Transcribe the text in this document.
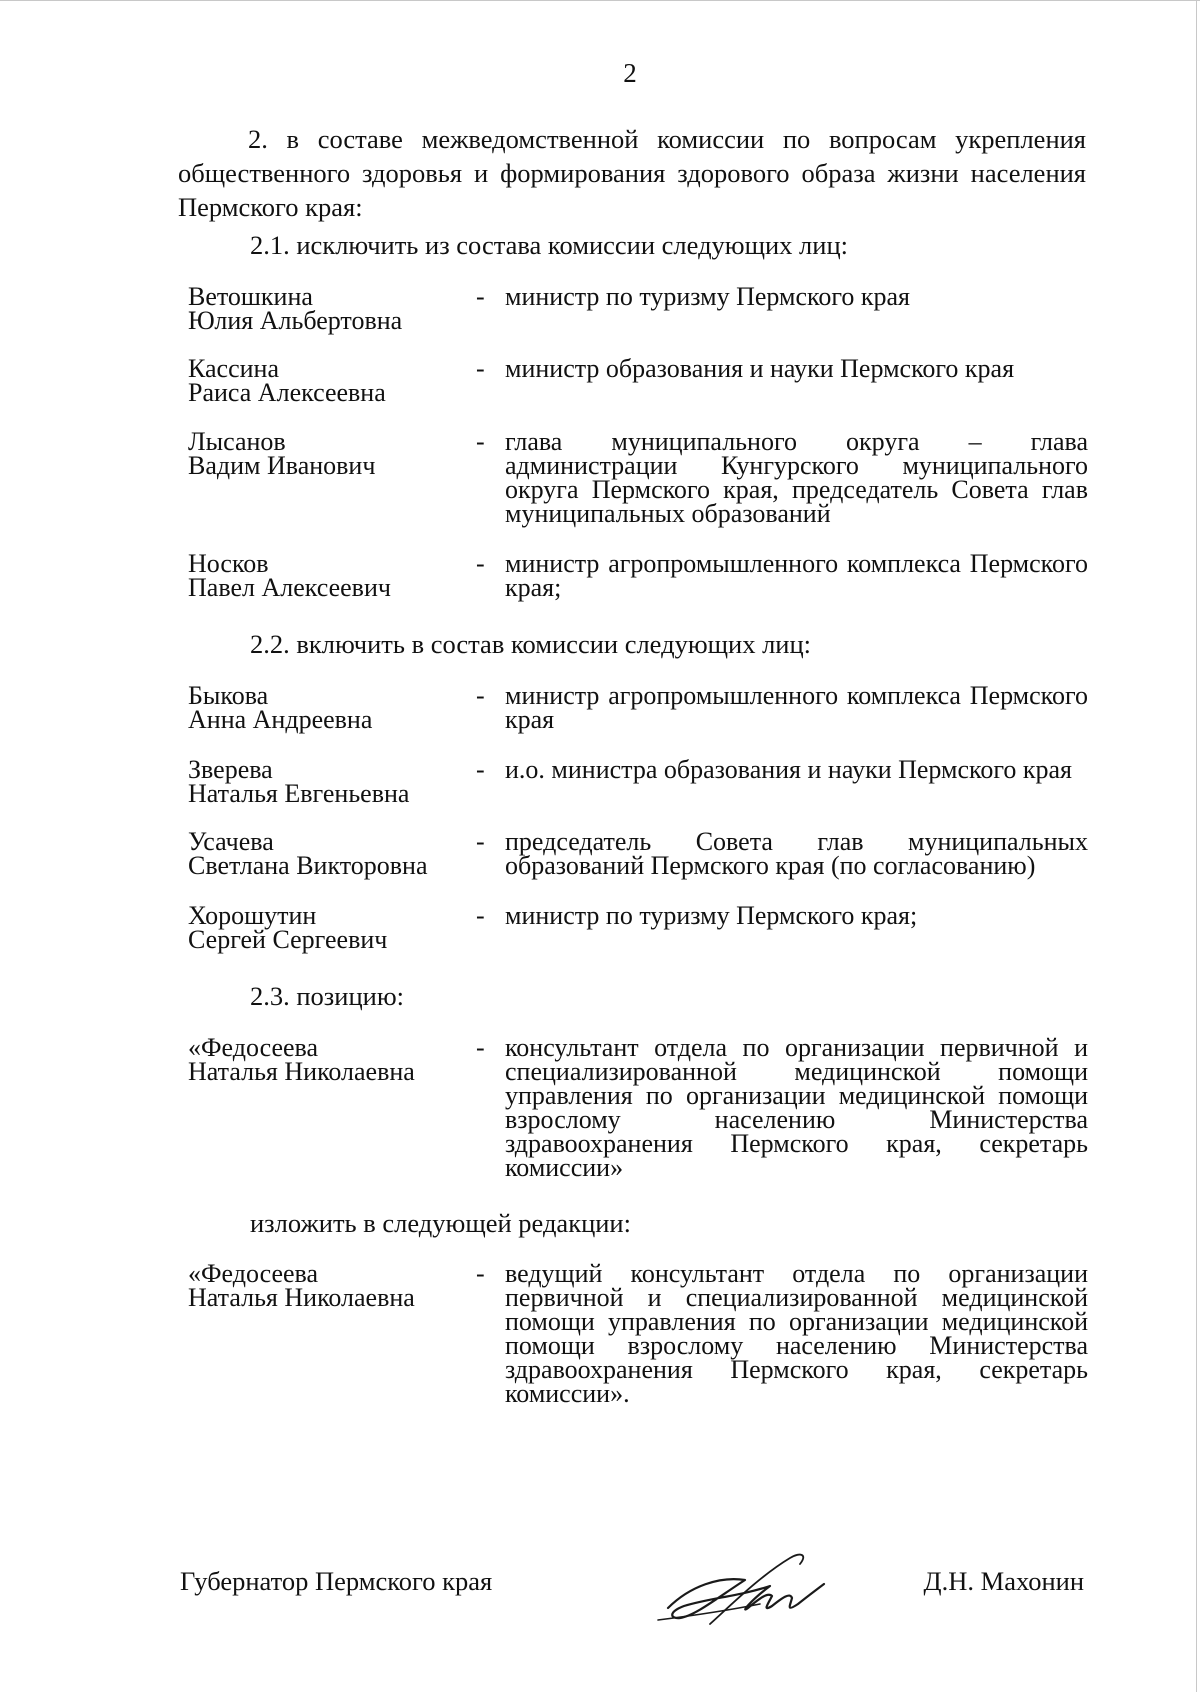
2
2. в составе межведомственной комиссии по вопросам укрепления общественного здоровья и формирования здорового образа жизни населения Пермского края:
2.1. исключить из состава комиссии следующих лиц:
Ветошкина
Юлия Альбертовна
- министр по туризму Пермского края
Кассина
Раиса Алексеевна
- министр образования и науки Пермского края
Лысанов
Вадим Иванович
- глава муниципального округа – глава администрации Кунгурского муниципального округа Пермского края, председатель Совета глав муниципальных образований
Носков
Павел Алексеевич
- министр агропромышленного комплекса Пермского края;
2.2. включить в состав комиссии следующих лиц:
Быкова
Анна Андреевна
- министр агропромышленного комплекса Пермского края
Зверева
Наталья Евгеньевна
- и.о. министра образования и науки Пермского края
Усачева
Светлана Викторовна
- председатель Совета глав муниципальных образований Пермского края (по согласованию)
Хорошутин
Сергей Сергеевич
- министр по туризму Пермского края;
2.3. позицию:
«Федосеева
Наталья Николаевна
- консультант отдела по организации первичной и специализированной медицинской помощи управления по организации медицинской помощи взрослому населению Министерства здравоохранения Пермского края, секретарь комиссии»
изложить в следующей редакции:
«Федосеева
Наталья Николаевна
- ведущий консультант отдела по организации первичной и специализированной медицинской помощи управления по организации медицинской помощи взрослому населению Министерства здравоохранения Пермского края, секретарь комиссии».
Губернатор Пермского края	Д.Н. Махонин
